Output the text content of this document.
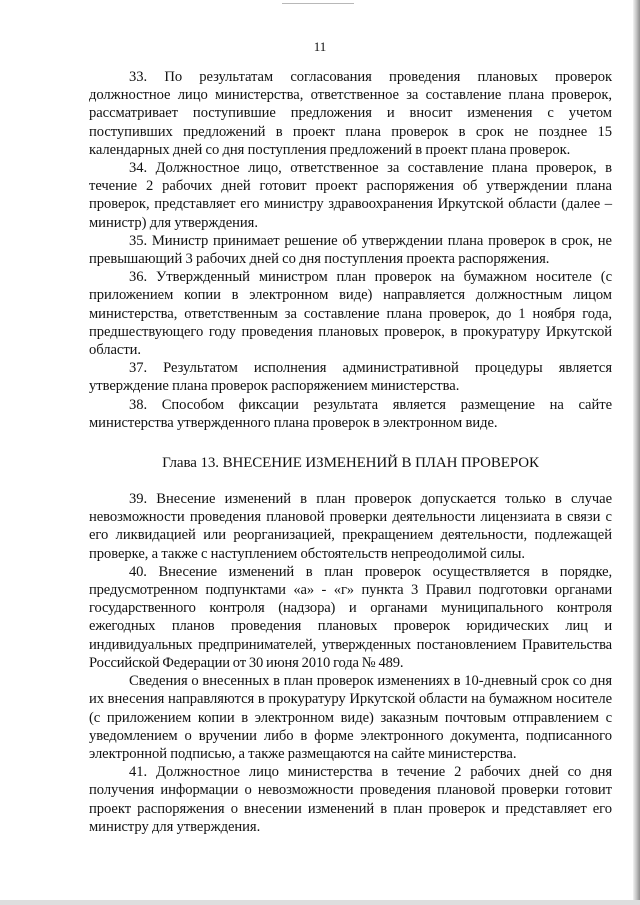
11

33. По результатам согласования проведения плановых проверок должностное лицо министерства, ответственное за составление плана проверок, рассматривает поступившие предложения и вносит изменения с учетом поступивших предложений в проект плана проверок в срок не позднее 15 календарных дней со дня поступления предложений в проект плана проверок.

34. Должностное лицо, ответственное за составление плана проверок, в течение 2 рабочих дней готовит проект распоряжения об утверждении плана проверок, представляет его министру здравоохранения Иркутской области (далее – министр) для утверждения.

35. Министр принимает решение об утверждении плана проверок в срок, не превышающий 3 рабочих дней со дня поступления проекта распоряжения.

36. Утвержденный министром план проверок на бумажном носителе (с приложением копии в электронном виде) направляется должностным лицом министерства, ответственным за составление плана проверок, до 1 ноября года, предшествующего году проведения плановых проверок, в прокуратуру Иркутской области.

37. Результатом исполнения административной процедуры является утверждение плана проверок распоряжением министерства.

38. Способом фиксации результата является размещение на сайте министерства утвержденного плана проверок в электронном виде.

Глава 13. ВНЕСЕНИЕ ИЗМЕНЕНИЙ В ПЛАН ПРОВЕРОК

39. Внесение изменений в план проверок допускается только в случае невозможности проведения плановой проверки деятельности лицензиата в связи с его ликвидацией или реорганизацией, прекращением деятельности, подлежащей проверке, а также с наступлением обстоятельств непреодолимой силы.

40. Внесение изменений в план проверок осуществляется в порядке, предусмотренном подпунктами «а» - «г» пункта 3 Правил подготовки органами государственного контроля (надзора) и органами муниципального контроля ежегодных планов проведения плановых проверок юридических лиц и индивидуальных предпринимателей, утвержденных постановлением Правительства Российской Федерации от 30 июня 2010 года № 489.

Сведения о внесенных в план проверок изменениях в 10-дневный срок со дня их внесения направляются в прокуратуру Иркутской области на бумажном носителе (с приложением копии в электронном виде) заказным почтовым отправлением с уведомлением о вручении либо в форме электронного документа, подписанного электронной подписью, а также размещаются на сайте министерства.

41. Должностное лицо министерства в течение 2 рабочих дней со дня получения информации о невозможности проведения плановой проверки готовит проект распоряжения о внесении изменений в план проверок и представляет его министру для утверждения.
